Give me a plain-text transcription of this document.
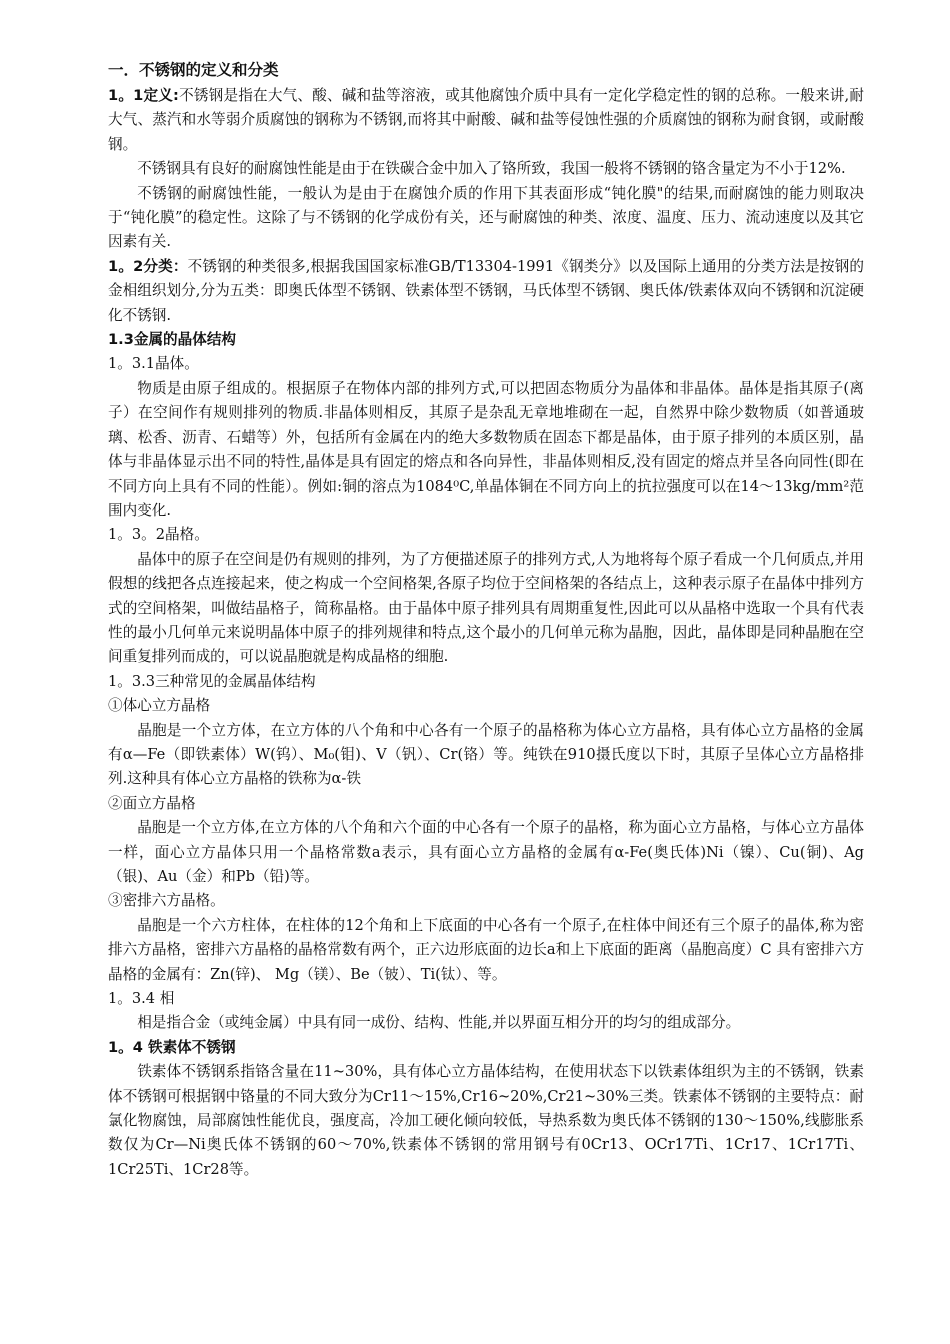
一．不锈钢的定义和分类

1。1定义:不锈钢是指在大气、酸、碱和盐等溶液，或其他腐蚀介质中具有一定化学稳定性的钢的总称。一般来讲,耐大气、蒸汽和水等弱介质腐蚀的钢称为不锈钢,而将其中耐酸、碱和盐等侵蚀性强的介质腐蚀的钢称为耐食钢，或耐酸钢。

不锈钢具有良好的耐腐蚀性能是由于在铁碳合金中加入了铬所致，我国一般将不锈钢的铬含量定为不小于12%.

不锈钢的耐腐蚀性能，一般认为是由于在腐蚀介质的作用下其表面形成“钝化膜"的结果,而耐腐蚀的能力则取决于“钝化膜”的稳定性。这除了与不锈钢的化学成份有关，还与耐腐蚀的种类、浓度、温度、压力、流动速度以及其它因素有关.

1。2分类：不锈钢的种类很多,根据我国国家标准GB/T13304-1991《钢类分》以及国际上通用的分类方法是按钢的金相组织划分,分为五类：即奥氏体型不锈钢、铁素体型不锈钢，马氏体型不锈钢、奥氏体/铁素体双向不锈钢和沉淀硬化不锈钢.

1.3金属的晶体结构

1。3.1晶体。

物质是由原子组成的。根据原子在物体内部的排列方式,可以把固态物质分为晶体和非晶体。晶体是指其原子(离子）在空间作有规则排列的物质.非晶体则相反，其原子是杂乱无章地堆砌在一起，自然界中除少数物质（如普通玻璃、松香、沥青、石蜡等）外，包括所有金属在内的绝大多数物质在固态下都是晶体，由于原子排列的本质区别，晶体与非晶体显示出不同的特性,晶体是具有固定的熔点和各向异性，非晶体则相反,没有固定的熔点并呈各向同性(即在不同方向上具有不同的性能）。例如:铜的溶点为1084⁰C,单晶体铜在不同方向上的抗拉强度可以在14～13kg/mm²范围内变化.

1。3。2晶格。

晶体中的原子在空间是仍有规则的排列，为了方便描述原子的排列方式,人为地将每个原子看成一个几何质点,并用假想的线把各点连接起来，使之构成一个空间格架,各原子均位于空间格架的各结点上，这种表示原子在晶体中排列方式的空间格架，叫做结晶格子，简称晶格。由于晶体中原子排列具有周期重复性,因此可以从晶格中选取一个具有代表性的最小几何单元来说明晶体中原子的排列规律和特点,这个最小的几何单元称为晶胞，因此，晶体即是同种晶胞在空间重复排列而成的，可以说晶胞就是构成晶格的细胞.

1。3.3三种常见的金属晶体结构

①体心立方晶格

晶胞是一个立方体，在立方体的八个角和中心各有一个原子的晶格称为体心立方晶格，具有体心立方晶格的金属有α—Fe（即铁素体）W(钨）、M₀(钼)、V（钒）、Cr(铬）等。纯铁在910摄氏度以下时，其原子呈体心立方晶格排列.这种具有体心立方晶格的铁称为α-铁

②面立方晶格

晶胞是一个立方体,在立方体的八个角和六个面的中心各有一个原子的晶格，称为面心立方晶格，与体心立方晶体一样，面心立方晶体只用一个晶格常数a表示，具有面心立方晶格的金属有α-Fe(奥氏体)Ni（镍）、Cu(铜)、Ag（银)、Au（金）和Pb（铅)等。

③密排六方晶格。

晶胞是一个六方柱体，在柱体的12个角和上下底面的中心各有一个原子,在柱体中间还有三个原子的晶体,称为密排六方晶格，密排六方晶格的晶格常数有两个，正六边形底面的边长a和上下底面的距离（晶胞高度）C 具有密排六方晶格的金属有：Zn(锌)、 Mg（镁）、Be（铍）、Ti(钛）、等。

1。3.4 相

相是指合金（或纯金属）中具有同一成份、结构、性能,并以界面互相分开的均匀的组成部分。

1。4 铁素体不锈钢

铁素体不锈钢系指铬含量在11~30%，具有体心立方晶体结构，在使用状态下以铁素体组织为主的不锈钢，铁素体不锈钢可根据钢中铬量的不同大致分为Cr11～15%,Cr16~20%,Cr21~30%三类。铁素体不锈钢的主要特点：耐氯化物腐蚀，局部腐蚀性能优良，强度高，冷加工硬化倾向较低，导热系数为奥氏体不锈钢的130～150%,线膨胀系数仅为Cr—Ni奥氏体不锈钢的60～70%,铁素体不锈钢的常用钢号有0Cr13、OCr17Ti、1Cr17、1Cr17Ti、1Cr25Ti、1Cr28等。
